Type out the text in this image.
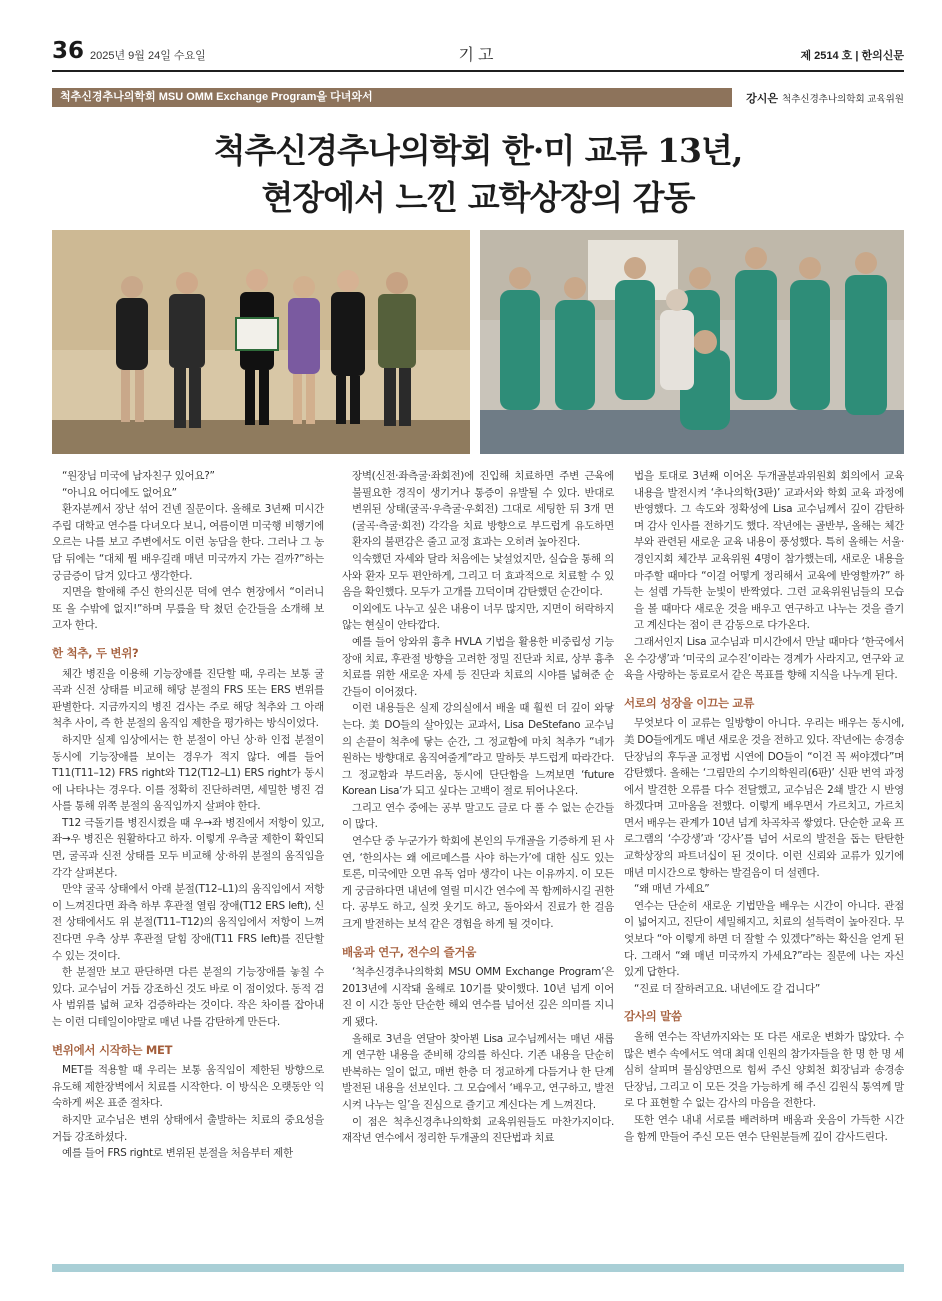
36 2025년 9월 24일 수요일	기고	제 2514 호 | 한의신문
척추신경추나의학회 MSU OMM Exchange Program을 다녀와서	강시은 척추신경추나의학회 교육위원
척추신경추나의학회 한·미 교류 13년,
현장에서 느낀 교학상장의 감동

“원장님 미국에 남자친구 있어요?”

“아니요 어디에도 없어요”

환자분께서 장난 섞어 건넨 질문이다. 올해로 3년째 미시간 주립 대학교 연수를 다녀오다 보니, 여름이면 미국행 비행기에 오르는 나를 보고 주변에서도 이런 농담을 한다. 그러나 그 농담 뒤에는 “대체 뭘 배우길래 매년 미국까지 가는 걸까?”하는 궁금증이 담겨 있다고 생각한다.

지면을 할애해 주신 한의신문 덕에 연수 현장에서 “이러니 또 올 수밖에 없지!”하며 무릎을 탁 쳤던 순간들을 소개해 보고자 한다.

한 척추, 두 변위?

체간 병진을 이용해 기능장애를 진단할 때, 우리는 보통 굴곡과 신전 상태를 비교해 해당 분절의 FRS 또는 ERS 변위를 판별한다. 지금까지의 병진 검사는 주로 해당 척추와 그 아래 척추 사이, 즉 한 분절의 움직임 제한을 평가하는 방식이었다.

하지만 실제 임상에서는 한 분절이 아닌 상·하 인접 분절이 동시에 기능장애를 보이는 경우가 적지 않다. 예를 들어 T11(T11–12) FRS right와 T12(T12–L1) ERS right가 동시에 나타나는 경우다. 이를 정확히 진단하려면, 세밀한 병진 검사를 통해 위쪽 분절의 움직임까지 살펴야 한다.

T12 극돌기를 병진시켰을 때 우→좌 병진에서 저항이 있고, 좌→우 병진은 원활하다고 하자. 이렇게 우측굴 제한이 확인되면, 굴곡과 신전 상태를 모두 비교해 상·하위 분절의 움직임을 각각 살펴본다.

만약 굴곡 상태에서 아래 분절(T12–L1)의 움직임에서 저항이 느껴진다면 좌측 하부 후관절 열림 장애(T12 ERS left), 신전 상태에서도 위 분절(T11–T12)의 움직임에서 저항이 느껴진다면 우측 상부 후관절 닫힘 장애(T11 FRS left)를 진단할 수 있는 것이다.

한 분절만 보고 판단하면 다른 분절의 기능장애를 놓칠 수 있다. 교수님이 거듭 강조하신 것도 바로 이 점이었다. 동적 검사 범위를 넓혀 교차 검증하라는 것이다. 작은 차이를 잡아내는 이런 디테일이야말로 매년 나를 감탄하게 만든다.

변위에서 시작하는 MET

MET를 적용할 때 우리는 보통 움직임이 제한된 방향으로 유도해 제한장벽에서 치료를 시작한다. 이 방식은 오랫동안 익숙하게 써온 표준 절차다.

하지만 교수님은 변위 상태에서 출발하는 치료의 중요성을 거듭 강조하셨다.

예를 들어 FRS right로 변위된 분절을 처음부터 제한

장벽(신전·좌측굴·좌회전)에 진입해 치료하면 주변 근육에 불필요한 경직이 생기거나 통증이 유발될 수 있다. 반대로 변위된 상태(굴곡·우측굴·우회전) 그대로 세팅한 뒤 3개 면(굴곡·측굴·회전) 각각을 치료 방향으로 부드럽게 유도하면 환자의 불편감은 줄고 교정 효과는 오히려 높아진다.

익숙했던 자세와 달라 처음에는 낯설었지만, 실습을 통해 의사와 환자 모두 편안하게, 그리고 더 효과적으로 치료할 수 있음을 확인했다. 모두가 고개를 끄덕이며 감탄했던 순간이다.

이외에도 나누고 싶은 내용이 너무 많지만, 지면이 허락하지 않는 현실이 안타깝다.

예를 들어 앙와위 흉추 HVLA 기법을 활용한 비중립성 기능장애 치료, 후관절 방향을 고려한 정밀 진단과 치료, 상부 흉추 치료를 위한 새로운 자세 등 진단과 치료의 시야를 넓혀준 순간들이 이어졌다.

이런 내용들은 실제 강의실에서 배울 때 훨씬 더 깊이 와닿는다. 美 DO들의 살아있는 교과서, Lisa DeStefano 교수님의 손끝이 척추에 닿는 순간, 그 정교함에 마치 척추가 “네가 원하는 방향대로 움직여줄게”라고 말하듯 부드럽게 따라간다. 그 정교함과 부드러움, 동시에 단단함을 느껴보면 ‘future Korean Lisa’가 되고 싶다는 고백이 절로 튀어나온다.

그리고 연수 중에는 공부 말고도 글로 다 풀 수 없는 순간들이 많다.

연수단 중 누군가가 학회에 본인의 두개골을 기증하게 된 사연, ‘한의사는 왜 에르메스를 사야 하는가’에 대한 심도 있는 토론, 미국에만 오면 유독 엄마 생각이 나는 이유까지. 이 모든 게 궁금하다면 내년에 열릴 미시간 연수에 꼭 함께하시길 권한다. 공부도 하고, 실컷 웃기도 하고, 돌아와서 진료가 한 걸음 크게 발전하는 보석 같은 경험을 하게 될 것이다.

배움과 연구, 전수의 즐거움

‘척추신경추나의학회 MSU OMM Exchange Program’은 2013년에 시작돼 올해로 10기를 맞이했다. 10년 넘게 이어진 이 시간 동안 단순한 해외 연수를 넘어선 깊은 의미를 지니게 됐다.

올해로 3년을 연달아 찾아뵌 Lisa 교수님께서는 매년 새롭게 연구한 내용을 준비해 강의를 하신다. 기존 내용을 단순히 반복하는 일이 없고, 매번 한층 더 정교하게 다듬거나 한 단계 발전된 내용을 선보인다. 그 모습에서 ‘배우고, 연구하고, 발전시켜 나누는 일’을 진심으로 즐기고 계신다는 게 느껴진다.

이 점은 척추신경추나의학회 교육위원들도 마찬가지이다. 재작년 연수에서 정리한 두개골의 진단법과 치료

법을 토대로 3년째 이어온 두개골분과위원회 회의에서 교육 내용을 발전시켜 ‘추나의학(3판)’ 교과서와 학회 교육 과정에 반영했다. 그 속도와 정확성에 Lisa 교수님께서 깊이 감탄하며 감사 인사를 전하기도 했다. 작년에는 골반부, 올해는 체간부와 관련된 새로운 교육 내용이 풍성했다. 특히 올해는 서울·경인지회 체간부 교육위원 4명이 참가했는데, 새로운 내용을 마주할 때마다 “이걸 어떻게 정리해서 교육에 반영할까?” 하는 설렘 가득한 눈빛이 반짝였다. 그런 교육위원님들의 모습을 볼 때마다 새로운 것을 배우고 연구하고 나누는 것을 즐기고 계신다는 점이 큰 감동으로 다가온다.

그래서인지 Lisa 교수님과 미시간에서 만날 때마다 ‘한국에서 온 수강생’과 ‘미국의 교수진’이라는 경계가 사라지고, 연구와 교육을 사랑하는 동료로서 같은 목표를 향해 지식을 나누게 된다.

서로의 성장을 이끄는 교류

무엇보다 이 교류는 일방향이 아니다. 우리는 배우는 동시에, 美 DO들에게도 매년 새로운 것을 전하고 있다. 작년에는 송경송 단장님의 후두골 교정법 시연에 DO들이 “이건 꼭 써야겠다”며 감탄했다. 올해는 ‘그림만의 수기의학원리(6판)’ 신판 번역 과정에서 발견한 오류를 다수 전달했고, 교수님은 2쇄 발간 시 반영하겠다며 고마움을 전했다. 이렇게 배우면서 가르치고, 가르치면서 배우는 관계가 10년 넘게 차곡차곡 쌓였다. 단순한 교육 프로그램의 ‘수강생’과 ‘강사’를 넘어 서로의 발전을 돕는 탄탄한 교학상장의 파트너십이 된 것이다. 이런 신뢰와 교류가 있기에 매년 미시간으로 향하는 발걸음이 더 설렌다.

“왜 매년 가세요”

연수는 단순히 새로운 기법만을 배우는 시간이 아니다. 관점이 넓어지고, 진단이 세밀해지고, 치료의 설득력이 높아진다. 무엇보다 “아 이렇게 하면 더 잘할 수 있겠다”하는 확신을 얻게 된다. 그래서 “왜 매년 미국까지 가세요?”라는 질문에 나는 자신 있게 답한다.

“진료 더 잘하려고요. 내년에도 갈 겁니다”

감사의 말씀

올해 연수는 작년까지와는 또 다른 새로운 변화가 많았다. 수많은 변수 속에서도 역대 최대 인원의 참가자들을 한 명 한 명 세심히 살피며 물심양면으로 힘써 주신 양회천 회장님과 송경송 단장님, 그리고 이 모든 것을 가능하게 해 주신 김원식 통역께 말로 다 표현할 수 없는 감사의 마음을 전한다.

또한 연수 내내 서로를 배려하며 배움과 웃음이 가득한 시간을 함께 만들어 주신 모든 연수 단원분들께 깊이 감사드린다.
